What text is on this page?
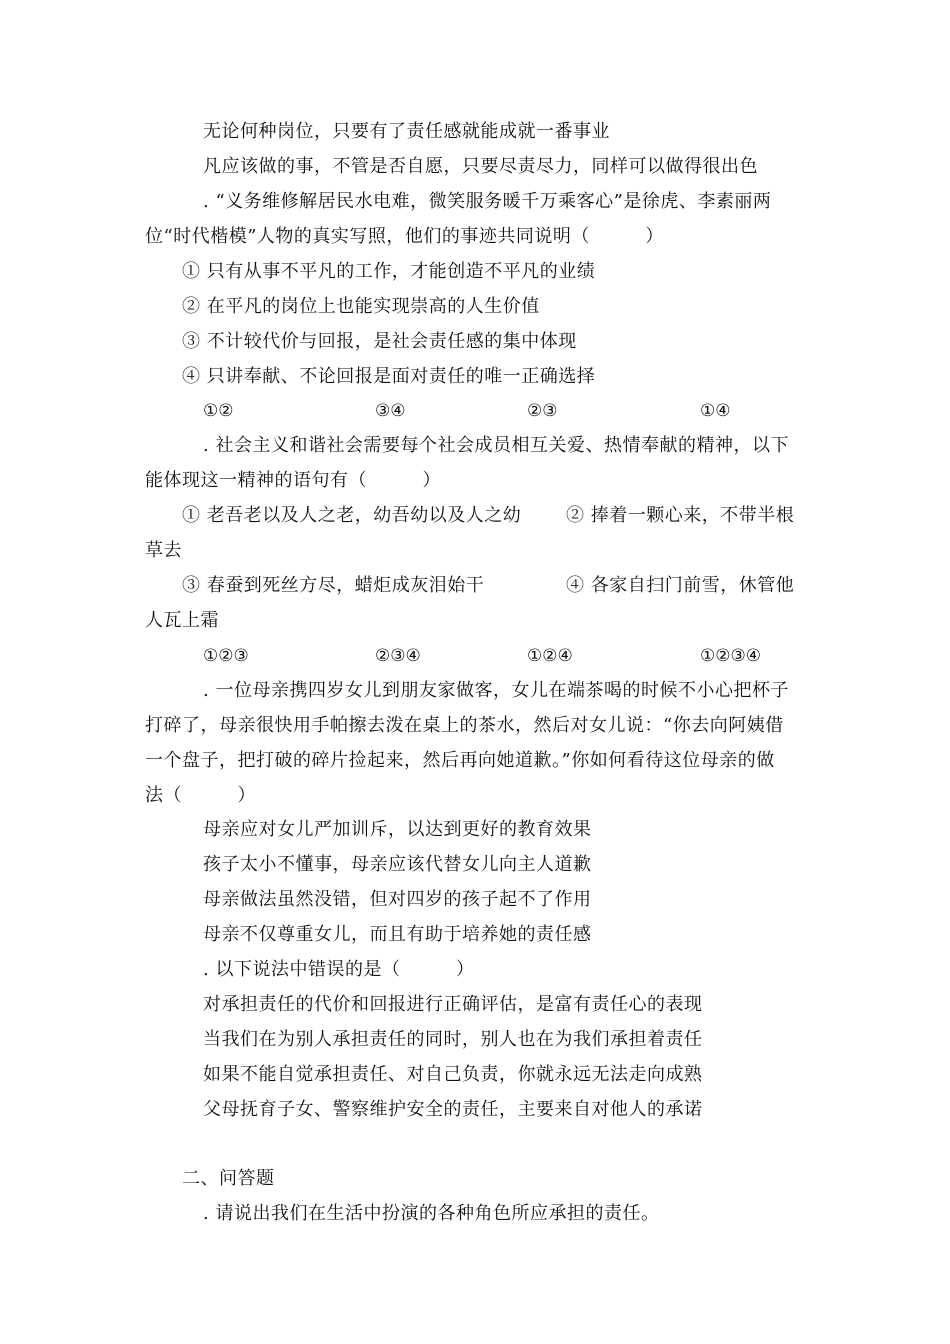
无论何种岗位，只要有了责任感就能成就一番事业
凡应该做的事，不管是否自愿，只要尽责尽力，同样可以做得很出色
. “义务维修解居民水电难，微笑服务暖千万乘客心”是徐虎、李素丽两
位“时代楷模”人物的真实写照，他们的事迹共同说明（　　　）
① 只有从事不平凡的工作，才能创造不平凡的业绩
② 在平凡的岗位上也能实现崇高的人生价值
③ 不计较代价与回报，是社会责任感的集中体现
④ 只讲奉献、不论回报是面对责任的唯一正确选择
①②	③④	②③	①④
. 社会主义和谐社会需要每个社会成员相互关爱、热情奉献的精神，以下
能体现这一精神的语句有（　　　）
① 老吾老以及人之老，幼吾幼以及人之幼 ② 捧着一颗心来，不带半根
草去
③ 春蚕到死丝方尽，蜡炬成灰泪始干	④ 各家自扫门前雪，休管他
人瓦上霜
①②③	②③④	①②④	①②③④
. 一位母亲携四岁女儿到朋友家做客，女儿在端茶喝的时候不小心把杯子
打碎了，母亲很快用手帕擦去泼在桌上的茶水，然后对女儿说：“你去向阿姨借
一个盘子，把打破的碎片捡起来，然后再向她道歉。”你如何看待这位母亲的做
法（　　　）
母亲应对女儿严加训斥，以达到更好的教育效果
孩子太小不懂事，母亲应该代替女儿向主人道歉
母亲做法虽然没错，但对四岁的孩子起不了作用
母亲不仅尊重女儿，而且有助于培养她的责任感
. 以下说法中错误的是（　　　）
对承担责任的代价和回报进行正确评估，是富有责任心的表现
当我们在为别人承担责任的同时，别人也在为我们承担着责任
如果不能自觉承担责任、对自己负责，你就永远无法走向成熟
父母抚育子女、警察维护安全的责任，主要来自对他人的承诺
二、问答题
. 请说出我们在生活中扮演的各种角色所应承担的责任。
